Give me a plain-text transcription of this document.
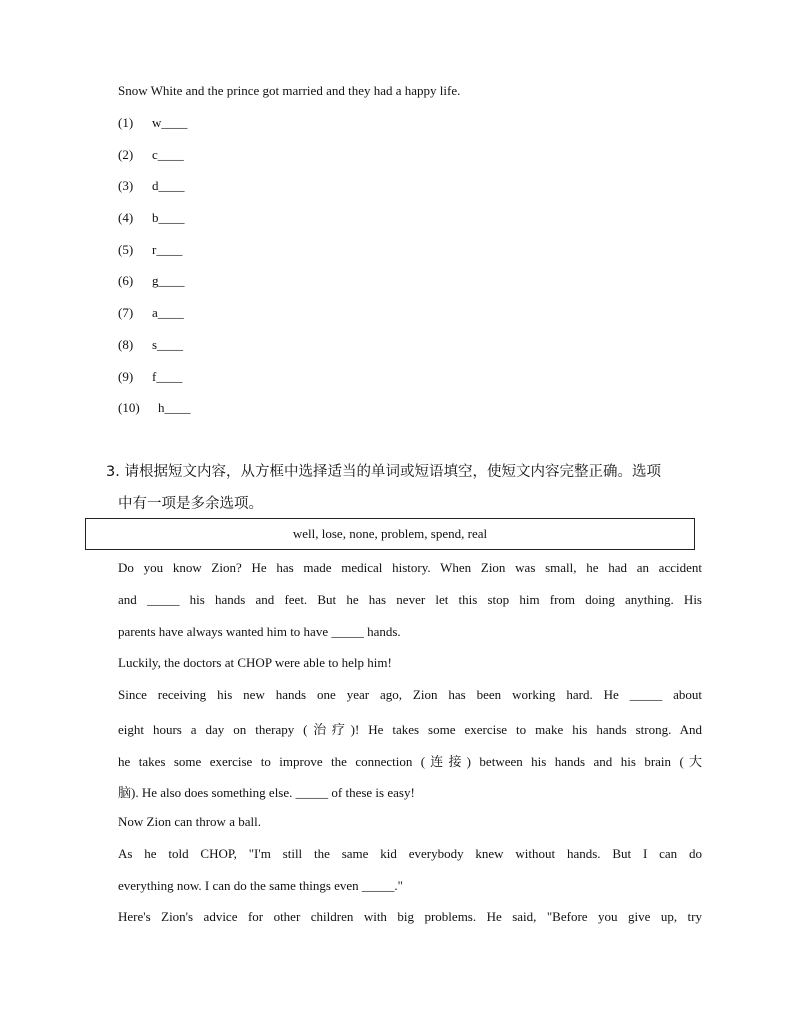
Snow White and the prince got married and they had a happy life.
(1) w____
(2) c____
(3) d____
(4) b____
(5) r____
(6) g____
(7) a____
(8) s____
(9) f____
(10) h____
3. 请根据短文内容，从方框中选择适当的单词或短语填空，使短文内容完整正确。选项
中有一项是多余选项。
well, lose, none, problem, spend, real
Do you know Zion? He has made medical history. When Zion was small, he had an accident
and _____ his hands and feet. But he has never let this stop him from doing anything. His
parents have always wanted him to have _____ hands.
Luckily, the doctors at CHOP were able to help him!
Since receiving his new hands one year ago, Zion has been working hard. He _____ about
eight hours a day on therapy (治疗)! He takes some exercise to make his hands strong. And
he takes some exercise to improve the connection (连接) between his hands and his brain (大
脑). He also does something else. _____ of these is easy!
Now Zion can throw a ball.
As he told CHOP, "I'm still the same kid everybody knew without hands. But I can do
everything now. I can do the same things even _____."
Here's Zion's advice for other children with big problems. He said, "Before you give up, try
